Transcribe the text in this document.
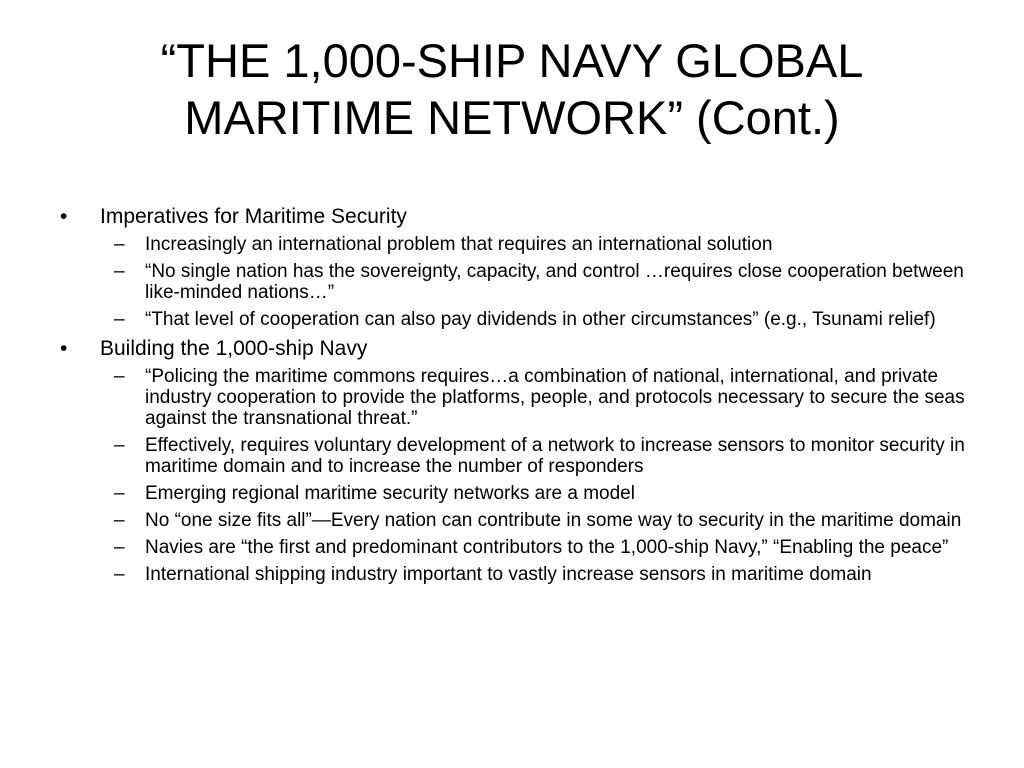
“THE 1,000-SHIP NAVY GLOBAL
MARITIME NETWORK” (Cont.)
• Imperatives for Maritime Security
– Increasingly an international problem that requires an international solution
– “No single nation has the sovereignty, capacity, and control …requires close cooperation between like-minded nations…”
– “That level of cooperation can also pay dividends in other circumstances” (e.g., Tsunami relief)
• Building the 1,000-ship Navy
– “Policing the maritime commons requires…a combination of national, international, and private industry cooperation to provide the platforms, people, and protocols necessary to secure the seas against the transnational threat.”
– Effectively, requires voluntary development of a network to increase sensors to monitor security in maritime domain and to increase the number of responders
– Emerging regional maritime security networks are a model
– No “one size fits all”—Every nation can contribute in some way to security in the maritime domain
– Navies are “the first and predominant contributors to the 1,000-ship Navy,” “Enabling the peace”
– International shipping industry important to vastly increase sensors in maritime domain
